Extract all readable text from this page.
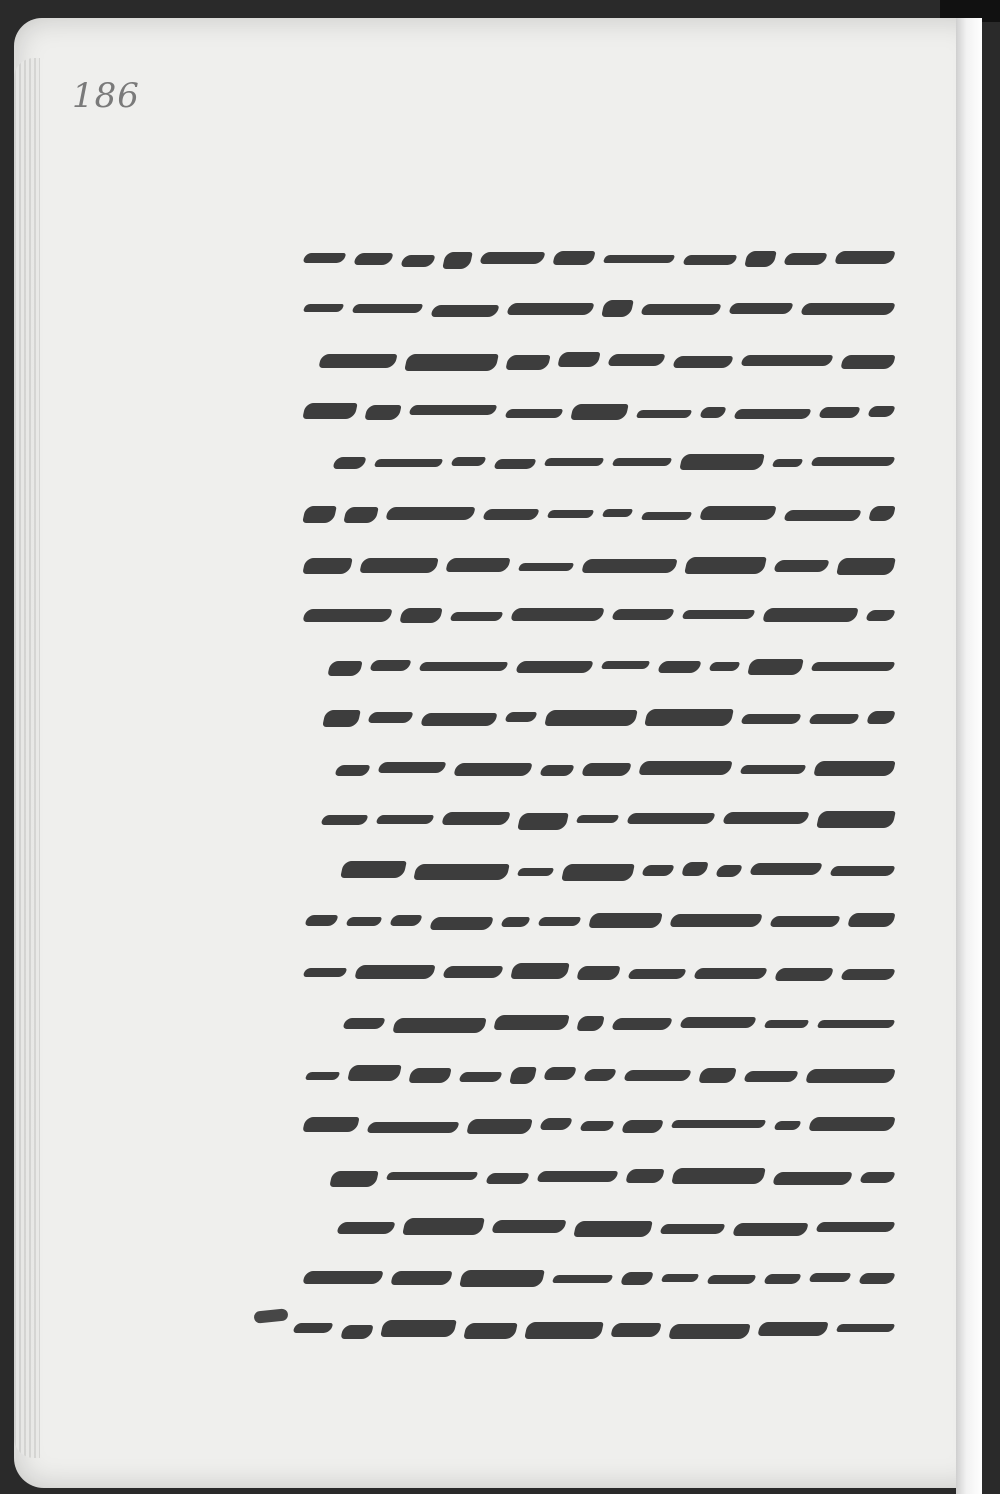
186
